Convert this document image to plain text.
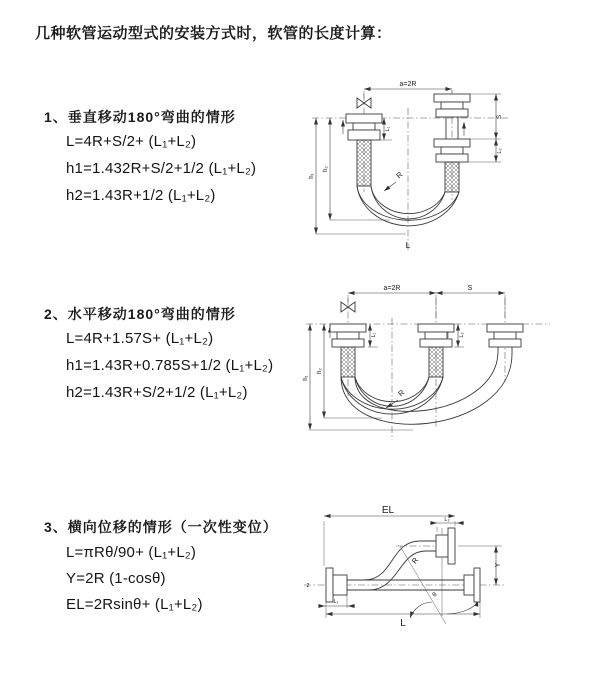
几种软管运动型式的安装方式时，软管的长度计算：
1、垂直移动180°弯曲的情形
L=4R+S/2+ (L₁+L₂)
h1=1.432R+S/2+1/2 (L₁+L₂)
h2=1.43R+1/2 (L₁+L₂)
2、水平移动180°弯曲的情形
L=4R+1.57S+ (L₁+L₂)
h1=1.43R+0.785S+1/2 (L₁+L₂)
h2=1.43R+S/2+1/2 (L₁+L₂)
3、横向位移的情形（一次性变位）
L=πRθ/90+ (L₁+L₂)
Y=2R (1-cosθ)
EL=2Rsinθ+ (L₁+L₂)
a=2R
S
L₂
L₁
h₁
h₂
R
L
a=2R	S
L₁	L₂
h₁
h₂
R
EL
L₂
Y
R
θ
L
L₁
z
